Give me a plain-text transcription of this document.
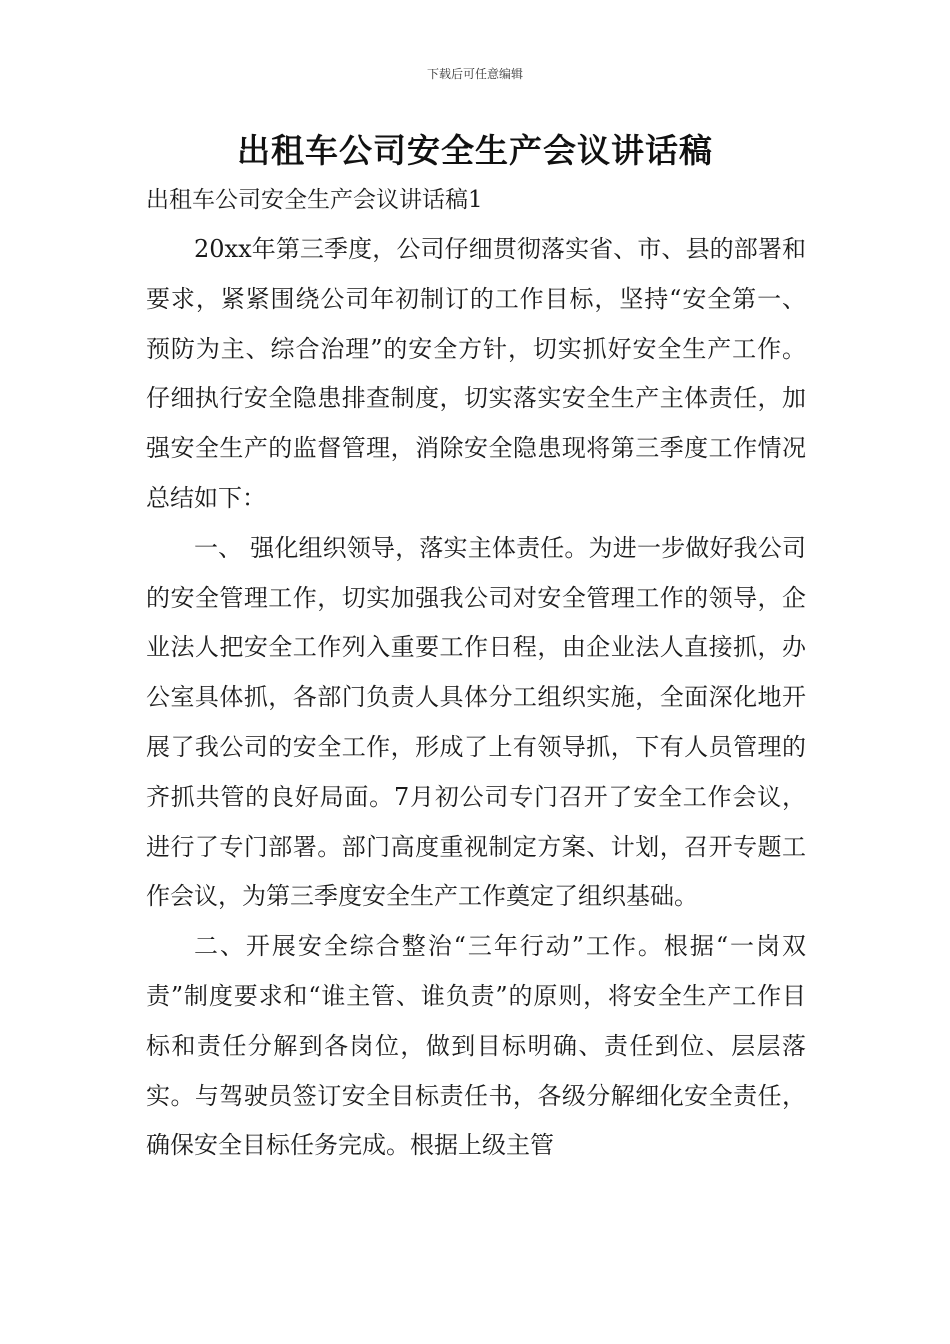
下载后可任意编辑
出租车公司安全生产会议讲话稿
出租车公司安全生产会议讲话稿1

20xx年第三季度，公司仔细贯彻落实省、市、县的部署和要求，紧紧围绕公司年初制订的工作目标，坚持“安全第一、预防为主、综合治理”的安全方针，切实抓好安全生产工作。仔细执行安全隐患排查制度，切实落实安全生产主体责任，加强安全生产的监督管理，消除安全隐患现将第三季度工作情况总结如下：

一、 强化组织领导，落实主体责任。为进一步做好我公司的安全管理工作，切实加强我公司对安全管理工作的领导，企业法人把安全工作列入重要工作日程，由企业法人直接抓，办公室具体抓，各部门负责人具体分工组织实施，全面深化地开展了我公司的安全工作，形成了上有领导抓，下有人员管理的齐抓共管的良好局面。7月初公司专门召开了安全工作会议，进行了专门部署。部门高度重视制定方案、计划，召开专题工作会议，为第三季度安全生产工作奠定了组织基础。

二、开展安全综合整治“三年行动”工作。根据“一岗双责”制度要求和“谁主管、谁负责”的原则，将安全生产工作目标和责任分解到各岗位，做到目标明确、责任到位、层层落实。与驾驶员签订安全目标责任书，各级分解细化安全责任，确保安全目标任务完成。根据上级主管
